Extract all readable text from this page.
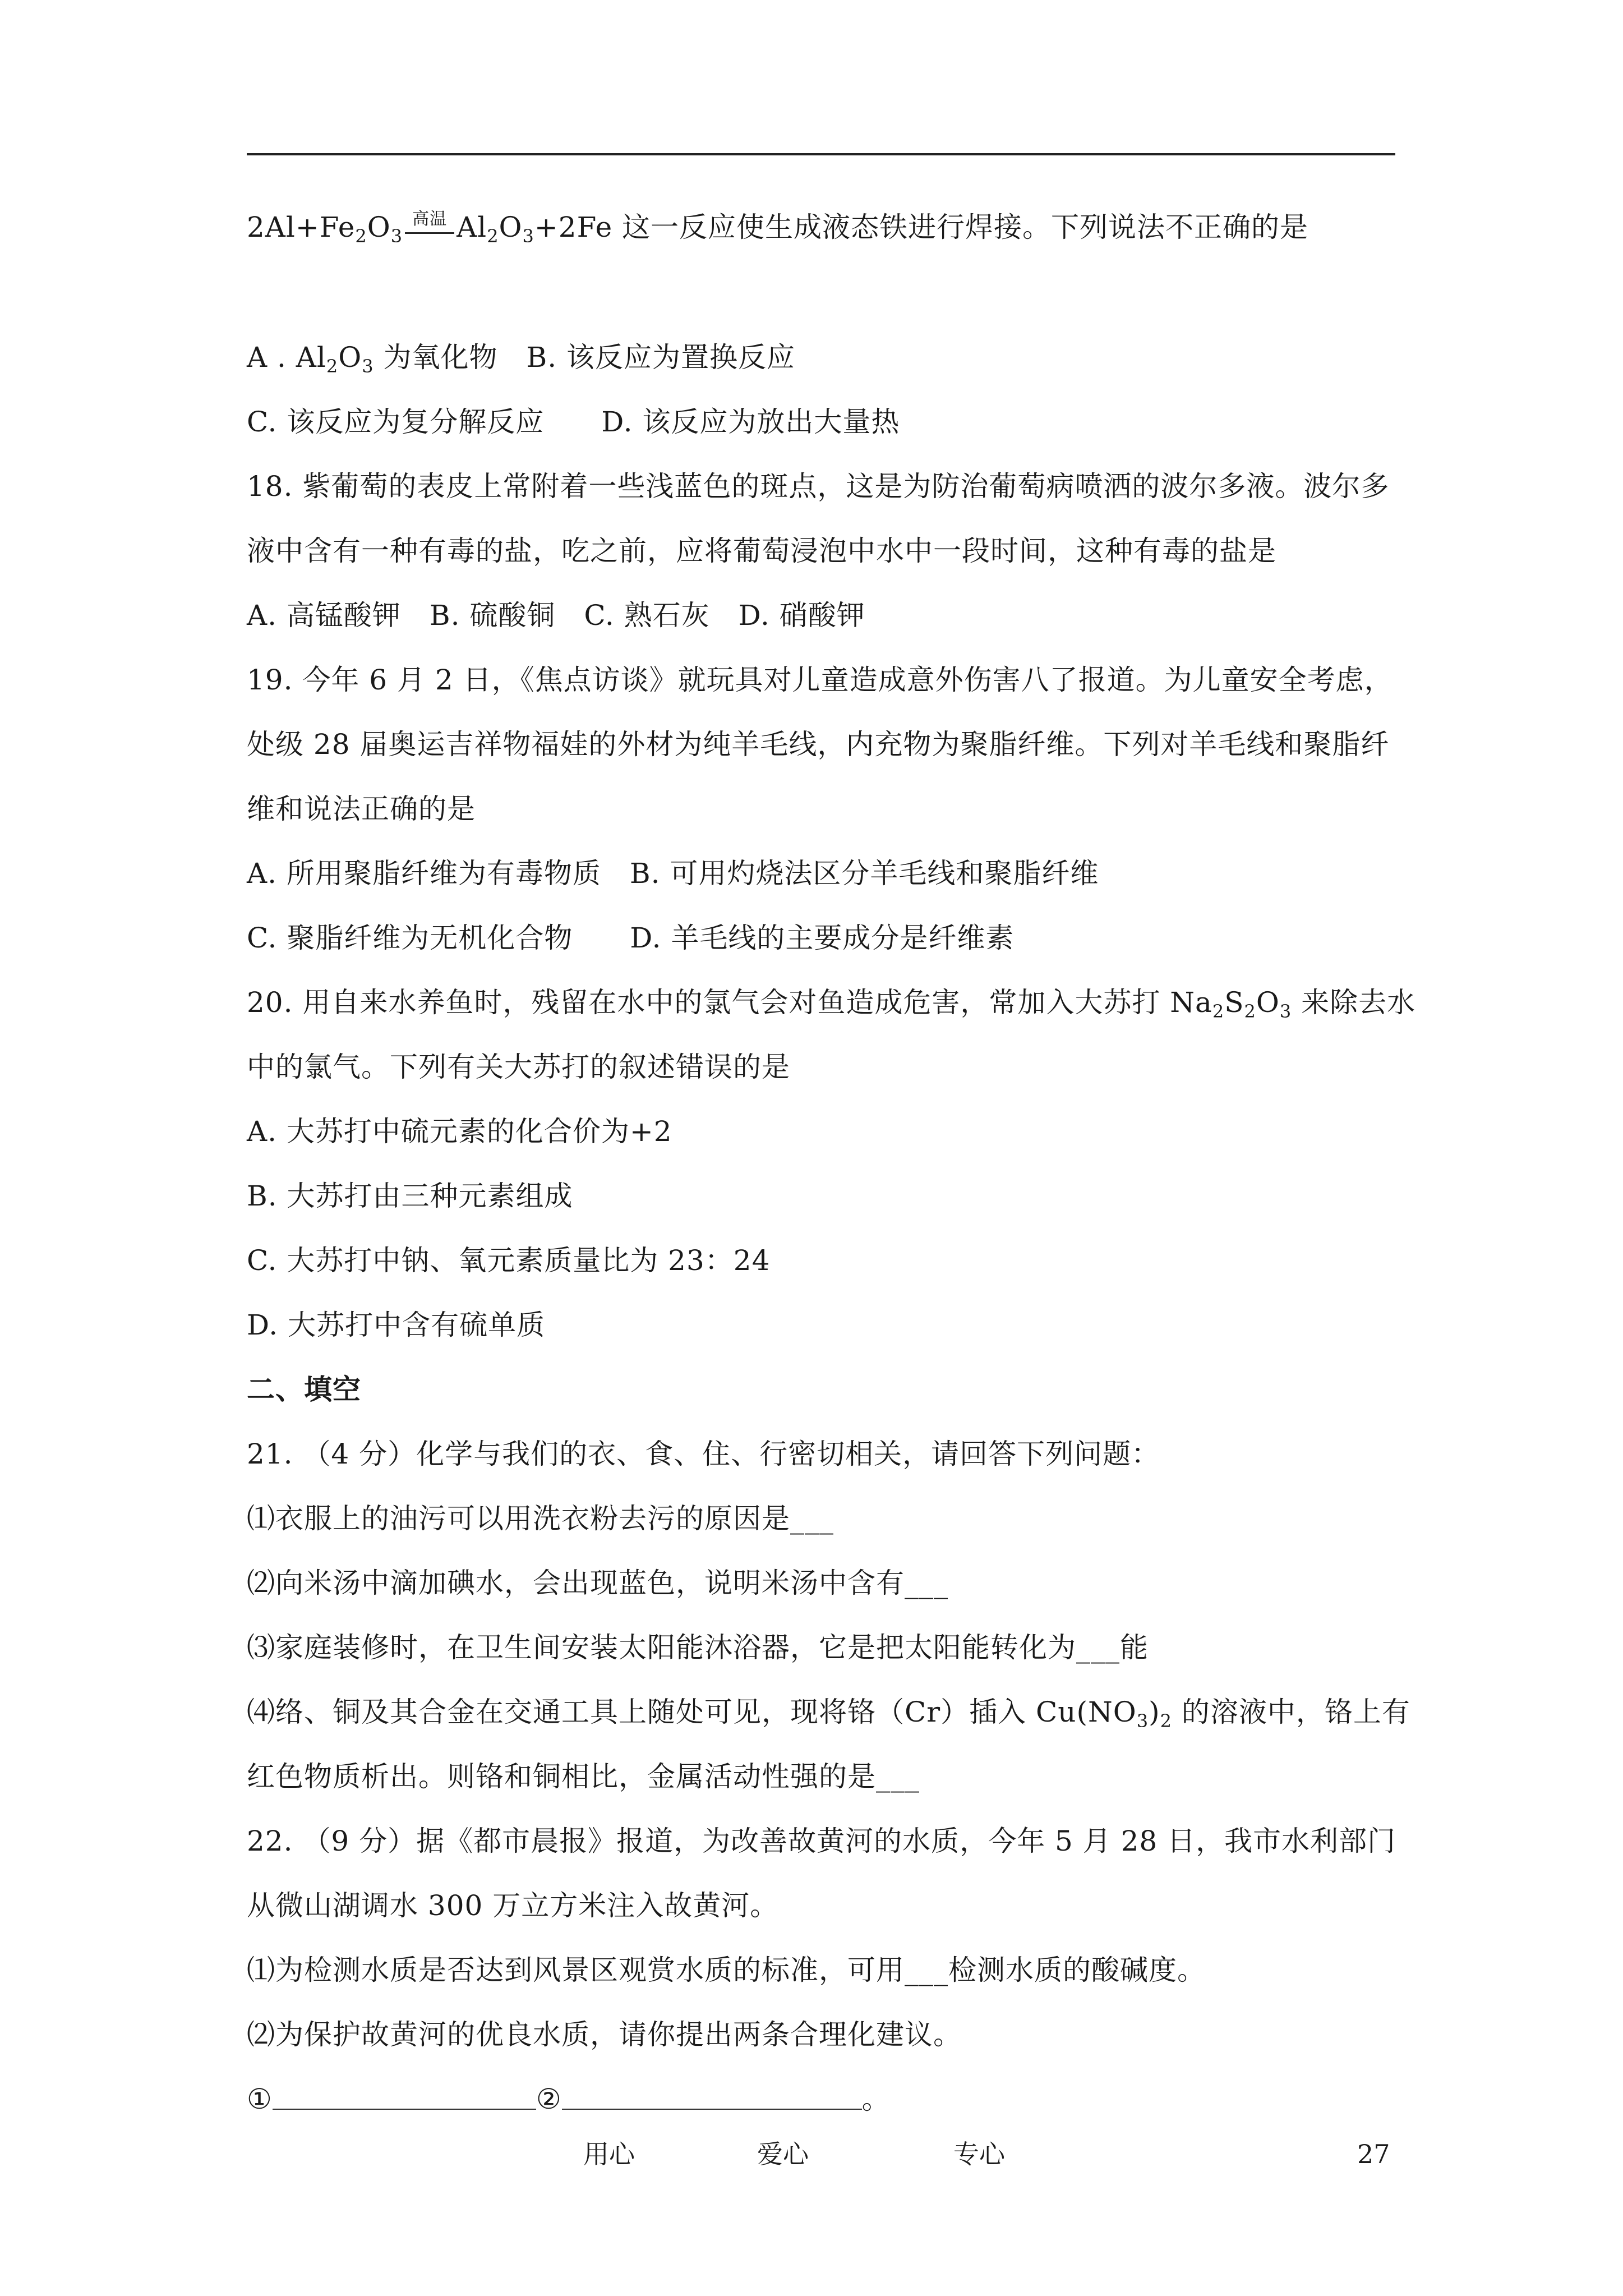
$2Al+Fe_2O_3$
高温 $Al_2O_3+2Fe$ 这一反应使生成液态铁进行焊接。下列说法不正确的是
A . $Al_2O_3$ 为氧化物　B. 该反应为置换反应
C. 该反应为复分解反应　　D. 该反应为放出大量热
18. 紫葡萄的表皮上常附着一些浅蓝色的斑点，这是为防治葡萄病喷洒的波尔多液。波尔多
液中含有一种有毒的盐，吃之前，应将葡萄浸泡中水中一段时间，这种有毒的盐是
A. 高锰酸钾　B. 硫酸铜　C. 熟石灰　D. 硝酸钾
19. 今年 6 月 2 日，《焦点访谈》就玩具对儿童造成意外伤害八了报道。为儿童安全考虑，
处级 28 届奥运吉祥物福娃的外材为纯羊毛线，内充物为聚脂纤维。下列对羊毛线和聚脂纤
维和说法正确的是
A. 所用聚脂纤维为有毒物质　B. 可用灼烧法区分羊毛线和聚脂纤维
C. 聚脂纤维为无机化合物　　D. 羊毛线的主要成分是纤维素
20. 用自来水养鱼时，残留在水中的氯气会对鱼造成危害，常加入大苏打 $Na_2S_2O_3$ 来除去水
中的氯气。下列有关大苏打的叙述错误的是
A. 大苏打中硫元素的化合价为+2
B. 大苏打由三种元素组成
C. 大苏打中钠、氧元素质量比为 23：24
D. 大苏打中含有硫单质
二、填空
21. （4 分）化学与我们的衣、食、住、行密切相关，请回答下列问题：
⑴衣服上的油污可以用洗衣粉去污的原因是___
⑵向米汤中滴加碘水，会出现蓝色，说明米汤中含有___
⑶家庭装修时，在卫生间安装太阳能沐浴器，它是把太阳能转化为___能
⑷络、铜及其合金在交通工具上随处可见，现将铬（Cr）插入 $Cu(NO_3)_2$ 的溶液中，铬上有
红色物质析出。则铬和铜相比，金属活动性强的是___
22. （9 分）据《都市晨报》报道，为改善故黄河的水质，今年 5 月 28 日，我市水利部门
从微山湖调水 300 万立方米注入故黄河。
⑴为检测水质是否达到风景区观赏水质的标准，可用___检测水质的酸碱度。
⑵为保护故黄河的优良水质，请你提出两条合理化建议。
①	②	。
用心	爱心	专心	27
